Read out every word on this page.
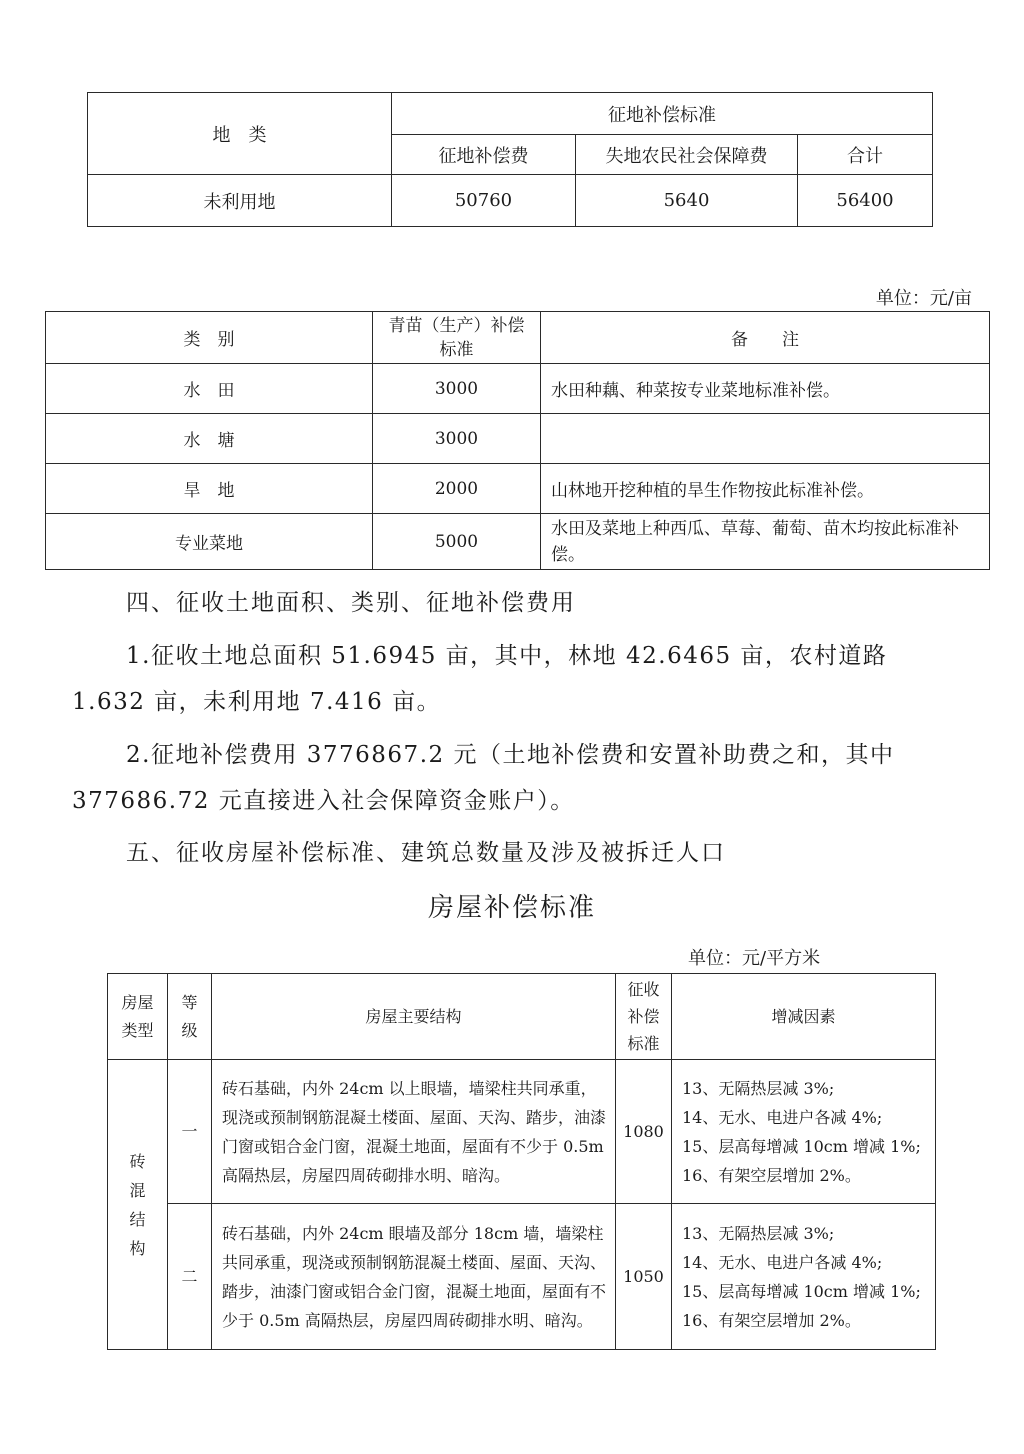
地　类	征地补偿标准		
	征地补偿费	失地农民社会保障费	合计
未利用地	50760	5640	56400
单位：元/亩
类　别	青苗（生产）补偿标准	备　　注
水　田	3000	水田种藕、种菜按专业菜地标准补偿。
水　塘	3000	
旱　地	2000	山林地开挖种植的旱生作物按此标准补偿。
专业菜地	5000	水田及菜地上种西瓜、草莓、葡萄、苗木均按此标准补偿。
四、征收土地面积、类别、征地补偿费用
1.征收土地总面积 51.6945 亩，其中，林地 42.6465 亩，农村道路 1.632 亩，未利用地 7.416 亩。
2.征地补偿费用 3776867.2 元（土地补偿费和安置补助费之和，其中 377686.72 元直接进入社会保障资金账户）。
五、征收房屋补偿标准、建筑总数量及涉及被拆迁人口
房屋补偿标准
单位：元/平方米
房屋类型	等级	房屋主要结构	征收补偿标准	增减因素
砖混结构	一	砖石基础，内外 24cm 以上眼墙，墙梁柱共同承重，现浇或预制钢筋混凝土楼面、屋面、天沟、踏步，油漆门窗或铝合金门窗，混凝土地面，屋面有不少于 0.5m 高隔热层，房屋四周砖砌排水明、暗沟。	1080	13、无隔热层减 3%;
14、无水、电进户各减 4%;
15、层高每增减 10cm 增减 1%;
16、有架空层增加 2%。

	二	砖石基础，内外 24cm 眼墙及部分 18cm 墙，墙梁柱共同承重，现浇或预制钢筋混凝土楼面、屋面、天沟、踏步，油漆门窗或铝合金门窗，混凝土地面，屋面有不少于 0.5m 高隔热层，房屋四周砖砌排水明、暗沟。	1050	13、无隔热层减 3%;
14、无水、电进户各减 4%;
15、层高每增减 10cm 增减 1%;
16、有架空层增加 2%。
